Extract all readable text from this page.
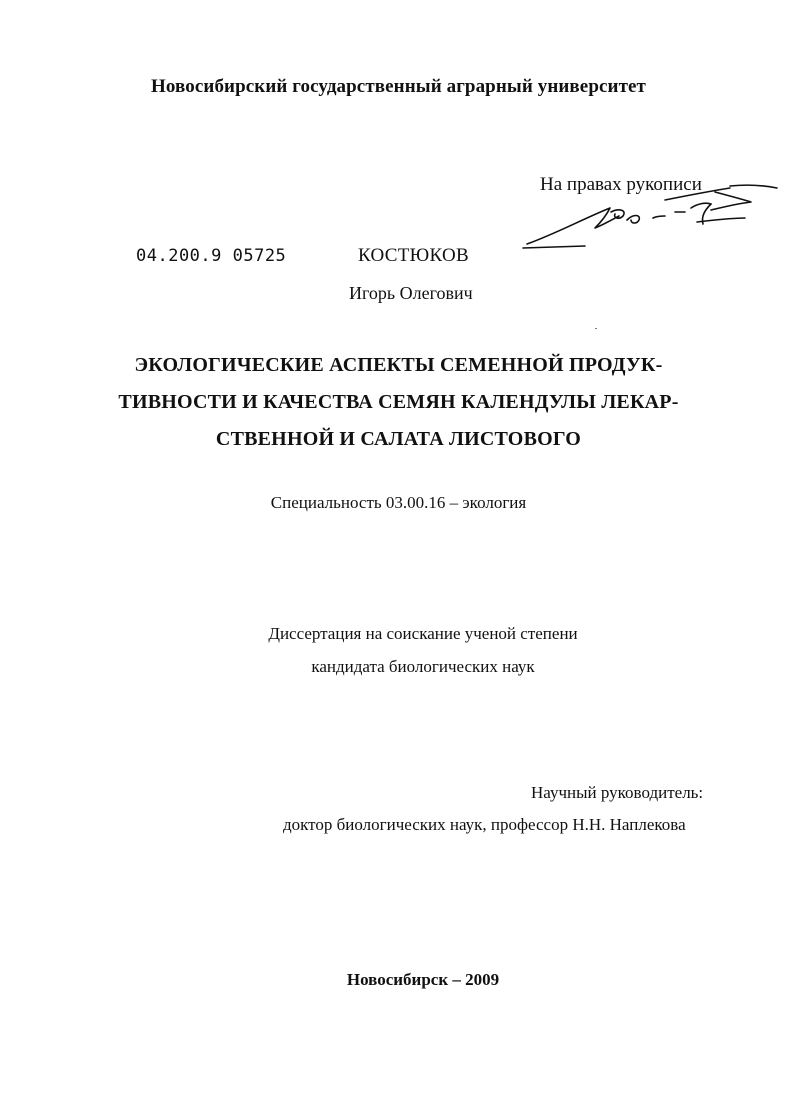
Новосибирский государственный аграрный университет
На правах рукописи
04.200.9 05725	КОСТЮКОВ
Игорь Олегович
ЭКОЛОГИЧЕСКИЕ АСПЕКТЫ СЕМЕННОЙ ПРОДУК-
ТИВНОСТИ И КАЧЕСТВА СЕМЯН КАЛЕНДУЛЫ ЛЕКАР-
СТВЕННОЙ И САЛАТА ЛИСТОВОГО
Специальность 03.00.16 – экология
Диссертация на соискание ученой степени
кандидата биологических наук
Научный руководитель:
доктор биологических наук, профессор Н.Н. Наплекова
Новосибирск – 2009
